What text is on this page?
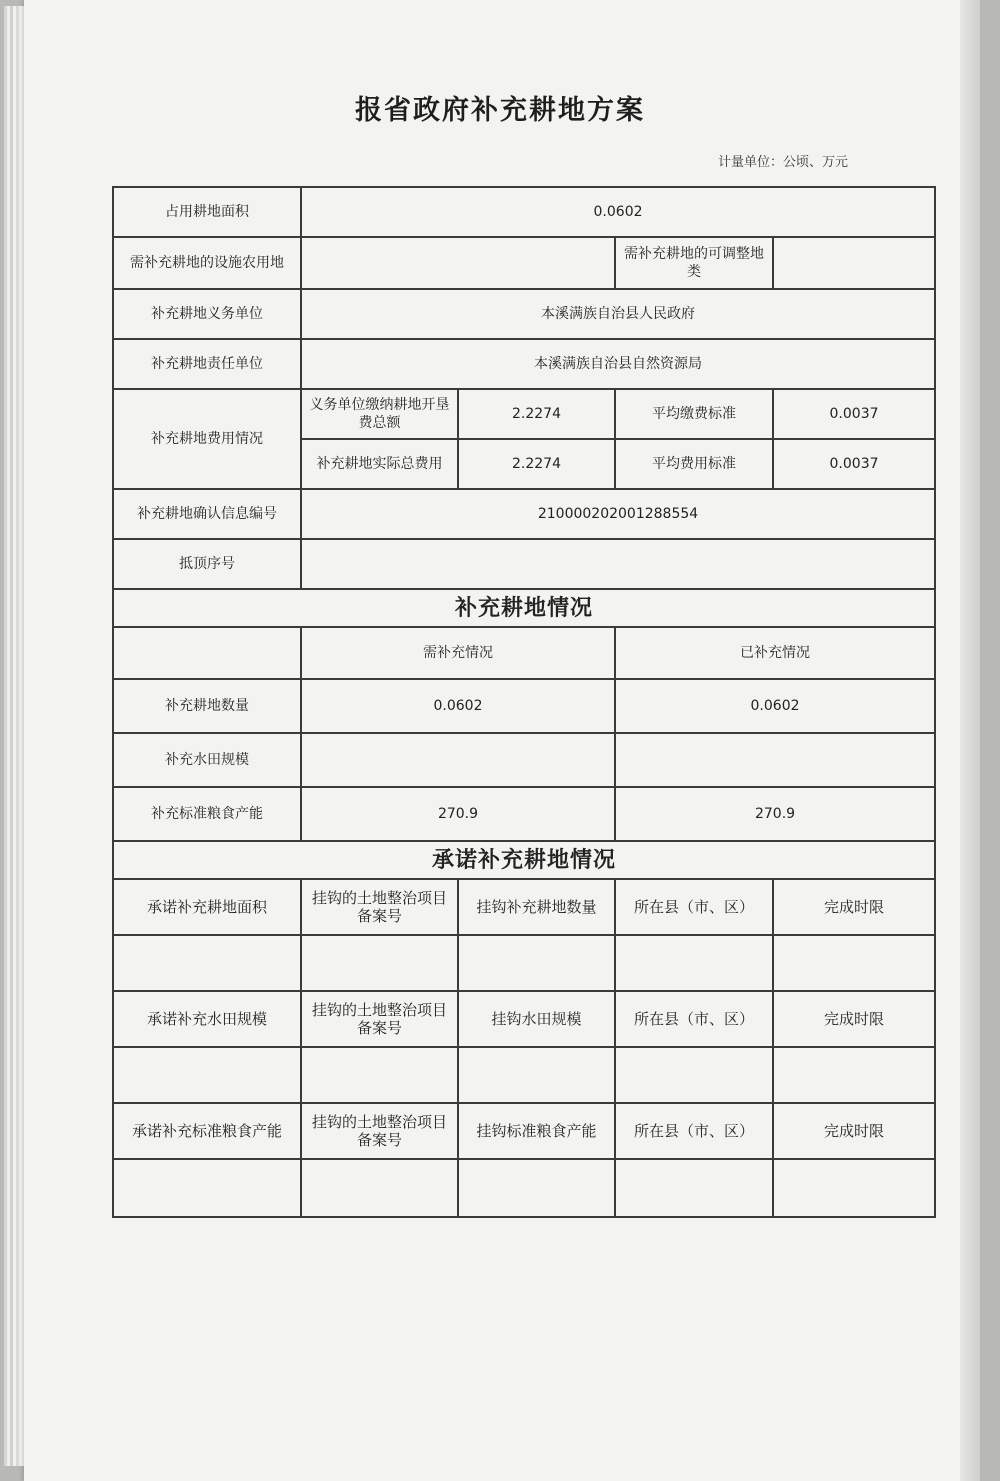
报省政府补充耕地方案
计量单位：公顷、万元
占用耕地面积	0.0602			
需补充耕地的设施农用地			需补充耕地的可调整地类	
补充耕地义务单位	本溪满族自治县人民政府			
补充耕地责任单位	本溪满族自治县自然资源局			
补充耕地费用情况	义务单位缴纳耕地开垦费总额	2.2274	平均缴费标准	0.0037
	补充耕地实际总费用	2.2274	平均费用标准	0.0037
补充耕地确认信息编号	210000202001288554			
抵顶序号				
补充耕地情况				
	需补充情况		已补充情况	
补充耕地数量	0.0602		0.0602	
补充水田规模				
补充标准粮食产能	270.9		270.9	
承诺补充耕地情况				
承诺补充耕地面积	挂钩的土地整治项目备案号	挂钩补充耕地数量	所在县（市、区）	完成时限

承诺补充水田规模	挂钩的土地整治项目备案号	挂钩水田规模	所在县（市、区）	完成时限

承诺补充标准粮食产能	挂钩的土地整治项目备案号	挂钩标准粮食产能	所在县（市、区）	完成时限
